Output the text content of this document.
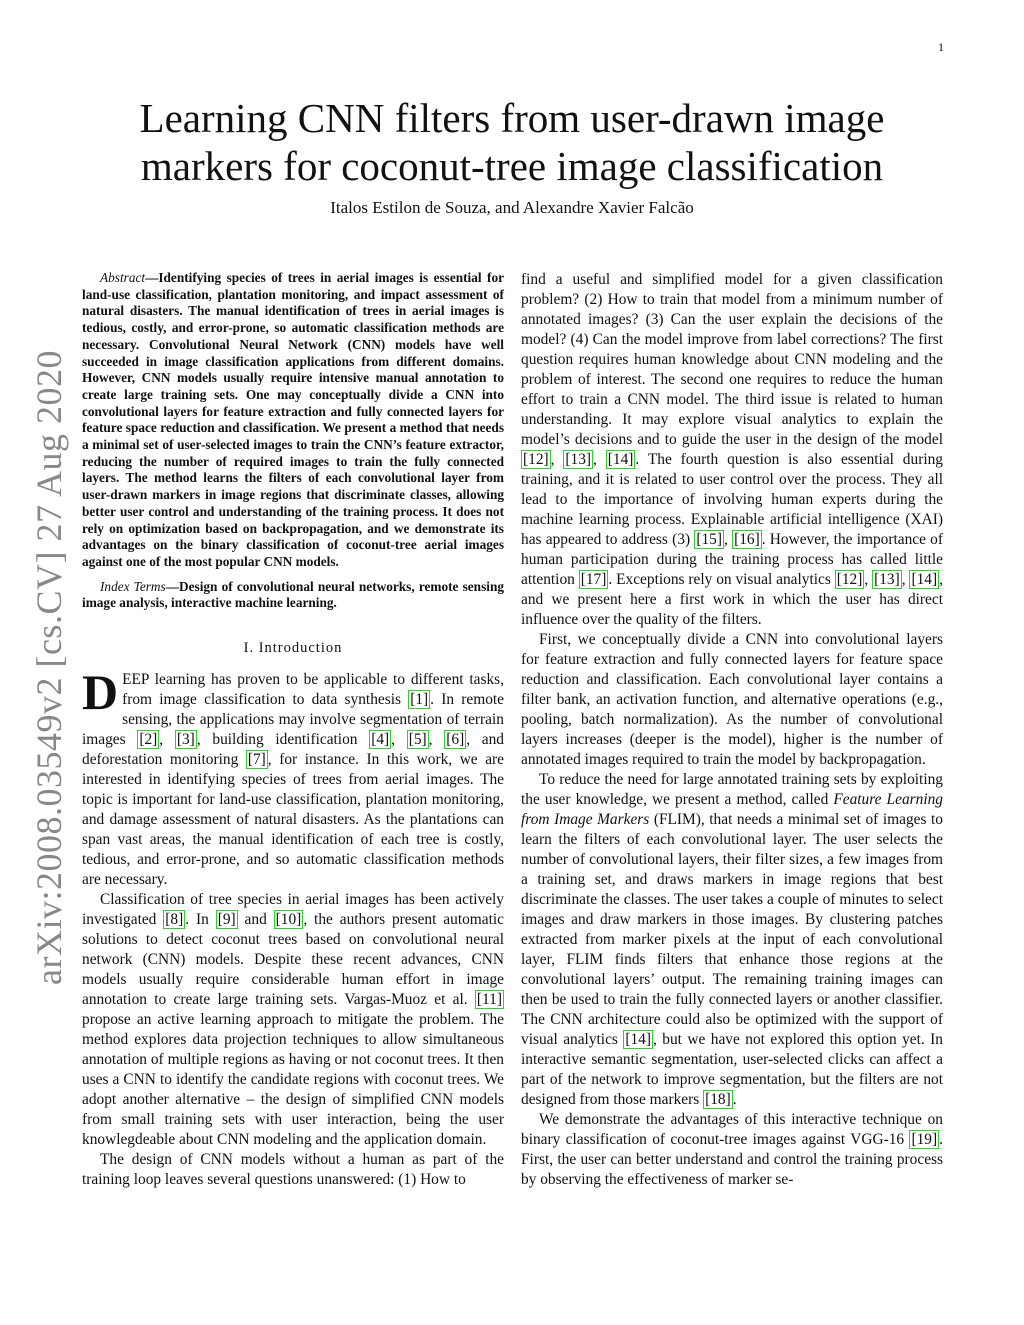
1
arXiv:2008.03549v2 [cs.CV] 27 Aug 2020
Learning CNN filters from user-drawn image
markers for coconut-tree image classification
Italos Estilon de Souza, and Alexandre Xavier Falcão

Abstract—Identifying species of trees in aerial images is essential for land-use classification, plantation monitoring, and impact assessment of natural disasters. The manual identification of trees in aerial images is tedious, costly, and error-prone, so automatic classification methods are necessary. Convolutional Neural Network (CNN) models have well succeeded in image classification applications from different domains. However, CNN models usually require intensive manual annotation to create large training sets. One may conceptually divide a CNN into convolutional layers for feature extraction and fully connected layers for feature space reduction and classification. We present a method that needs a minimal set of user-selected images to train the CNN’s feature extractor, reducing the number of required images to train the fully connected layers. The method learns the filters of each convolutional layer from user-drawn markers in image regions that discriminate classes, allowing better user control and understanding of the training process. It does not rely on optimization based on backpropagation, and we demonstrate its advantages on the binary classification of coconut-tree aerial images against one of the most popular CNN models.

Index Terms—Design of convolutional neural networks, remote sensing image analysis, interactive machine learning.

I. Introduction

DEEP learning has proven to be applicable to different tasks, from image classification to data synthesis [1] . In remote sensing, the applications may involve segmentation of terrain images [2] , [3] , building identification [4] , [5] , [6] , and deforestation monitoring [7] , for instance. In this work, we are interested in identifying species of trees from aerial images. The topic is important for land-use classification, plantation monitoring, and damage assessment of natural disasters. As the plantations can span vast areas, the manual identification of each tree is costly, tedious, and error-prone, and so automatic classification methods are necessary.

Classification of tree species in aerial images has been actively investigated [8] . In [9] and [10] , the authors present automatic solutions to detect coconut trees based on convolutional neural network (CNN) models. Despite these recent advances, CNN models usually require considerable human effort in image annotation to create large training sets. Vargas-Muoz et al. [11] propose an active learning approach to mitigate the problem. The method explores data projection techniques to allow simultaneous annotation of multiple regions as having or not coconut trees. It then uses a CNN to identify the candidate regions with coconut trees. We adopt another alternative – the design of simplified CNN models from small training sets with user interaction, being the user knowlegdeable about CNN modeling and the application domain.

The design of CNN models without a human as part of the training loop leaves several questions unanswered: (1) How to

find a useful and simplified model for a given classification problem? (2) How to train that model from a minimum number of annotated images? (3) Can the user explain the decisions of the model? (4) Can the model improve from label corrections? The first question requires human knowledge about CNN modeling and the problem of interest. The second one requires to reduce the human effort to train a CNN model. The third issue is related to human understanding. It may explore visual analytics to explain the model’s decisions and to guide the user in the design of the model [12] , [13] , [14] . The fourth question is also essential during training, and it is related to user control over the process. They all lead to the importance of involving human experts during the machine learning process. Explainable artificial intelligence (XAI) has appeared to address (3) [15] , [16] . However, the importance of human participation during the training process has called little attention [17] . Exceptions rely on visual analytics [12] , [13] , [14] , and we present here a first work in which the user has direct influence over the quality of the filters.

First, we conceptually divide a CNN into convolutional layers for feature extraction and fully connected layers for feature space reduction and classification. Each convolutional layer contains a filter bank, an activation function, and alternative operations (e.g., pooling, batch normalization). As the number of convolutional layers increases (deeper is the model), higher is the number of annotated images required to train the model by backpropagation.

To reduce the need for large annotated training sets by exploiting the user knowledge, we present a method, called Feature Learning from Image Markers (FLIM), that needs a minimal set of images to learn the filters of each convolutional layer. The user selects the number of convolutional layers, their filter sizes, a few images from a training set, and draws markers in image regions that best discriminate the classes. The user takes a couple of minutes to select images and draw markers in those images. By clustering patches extracted from marker pixels at the input of each convolutional layer, FLIM finds filters that enhance those regions at the convolutional layers’ output. The remaining training images can then be used to train the fully connected layers or another classifier. The CNN architecture could also be optimized with the support of visual analytics [14] , but we have not explored this option yet. In interactive semantic segmentation, user-selected clicks can affect a part of the network to improve segmentation, but the filters are not designed from those markers [18] .

We demonstrate the advantages of this interactive technique on binary classification of coconut-tree images against VGG-16 [19] . First, the user can better understand and control the training process by observing the effectiveness of marker se-
